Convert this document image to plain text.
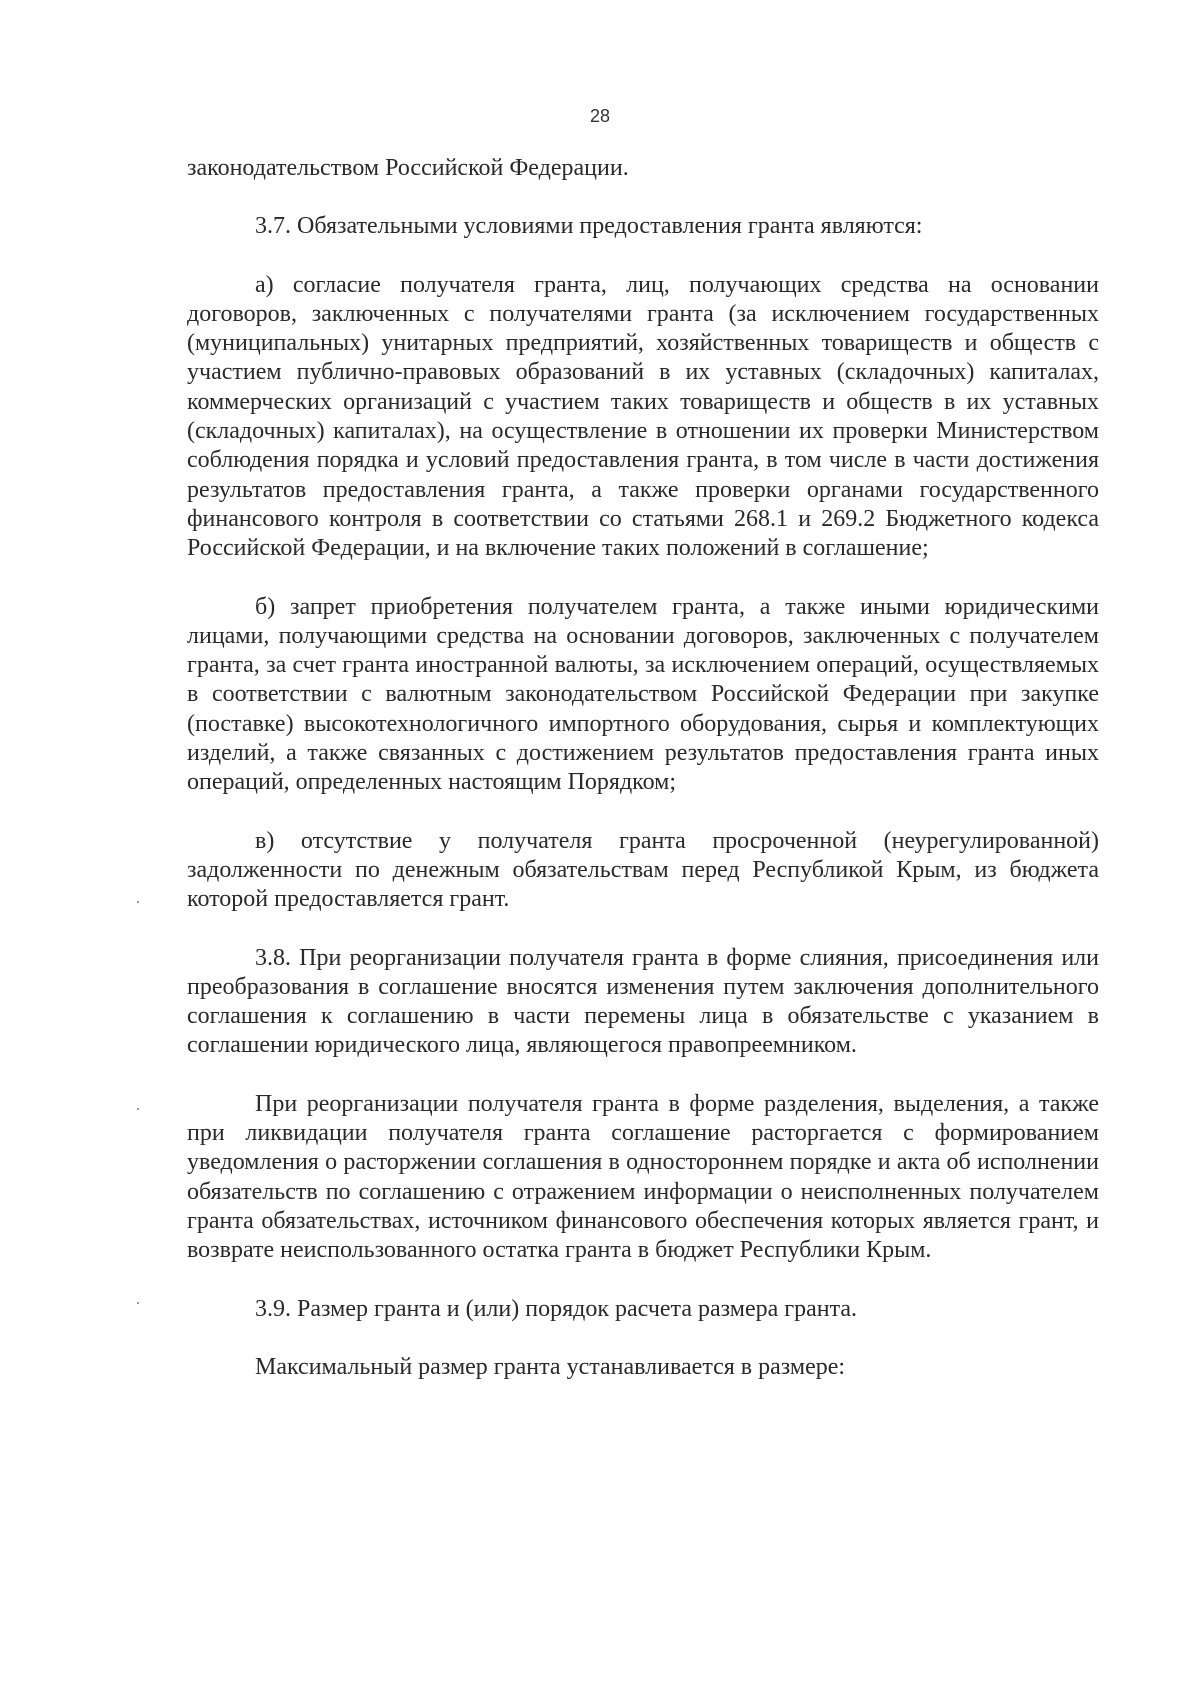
28

законодательством Российской Федерации.

3.7. Обязательными условиями предоставления гранта являются:

а) согласие получателя гранта, лиц, получающих средства на основании договоров, заключенных с получателями гранта (за исключением государственных (муниципальных) унитарных предприятий, хозяйственных товариществ и обществ с участием публично-правовых образований в их уставных (складочных) капиталах, коммерческих организаций с участием таких товариществ и обществ в их уставных (складочных) капиталах), на осуществление в отношении их проверки Министерством соблюдения порядка и условий предоставления гранта, в том числе в части достижения результатов предоставления гранта, а также проверки органами государственного финансового контроля в соответствии со статьями 268.1 и 269.2 Бюджетного кодекса Российской Федерации, и на включение таких положений в соглашение;

б) запрет приобретения получателем гранта, а также иными юридическими лицами, получающими средства на основании договоров, заключенных с получателем гранта, за счет гранта иностранной валюты, за исключением операций, осуществляемых в соответствии с валютным законодательством Российской Федерации при закупке (поставке) высокотехнологичного импортного оборудования, сырья и комплектующих изделий, а также связанных с достижением результатов предоставления гранта иных операций, определенных настоящим Порядком;

в) отсутствие у получателя гранта просроченной (неурегулированной) задолженности по денежным обязательствам перед Республикой Крым, из бюджета которой предоставляется грант.

3.8. При реорганизации получателя гранта в форме слияния, присоединения или преобразования в соглашение вносятся изменения путем заключения дополнительного соглашения к соглашению в части перемены лица в обязательстве с указанием в соглашении юридического лица, являющегося правопреемником.

При реорганизации получателя гранта в форме разделения, выделения, а также при ликвидации получателя гранта соглашение расторгается с формированием уведомления о расторжении соглашения в одностороннем порядке и акта об исполнении обязательств по соглашению с отражением информации о неисполненных получателем гранта обязательствах, источником финансового обеспечения которых является грант, и возврате неиспользованного остатка гранта в бюджет Республики Крым.

3.9. Размер гранта и (или) порядок расчета размера гранта.

Максимальный размер гранта устанавливается в размере:
